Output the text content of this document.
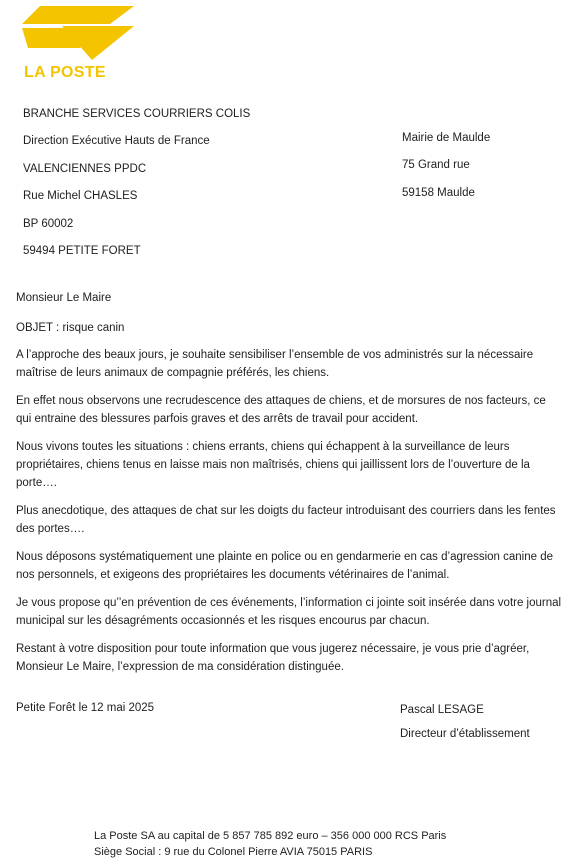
LA POSTE
BRANCHE SERVICES COURRIERS COLIS
Direction Exécutive Hauts de France
VALENCIENNES PPDC
Rue Michel CHASLES
BP 60002
59494 PETITE FORET
Mairie de Maulde
75 Grand rue
59158 Maulde

Monsieur Le Maire

OBJET : risque canin

A l’approche des beaux jours, je souhaite sensibiliser l’ensemble de vos administrés sur la nécessaire maîtrise de leurs animaux de compagnie préférés, les chiens.

En effet nous observons une recrudescence des attaques de chiens, et de morsures de nos facteurs, ce qui entraine des blessures parfois graves et des arrêts de travail pour accident.

Nous vivons toutes les situations : chiens errants, chiens qui échappent à la surveillance de leurs propriétaires, chiens tenus en laisse mais non maîtrisés, chiens qui jaillissent lors de l’ouverture de la porte….

Plus anecdotique, des attaques de chat sur les doigts du facteur introduisant des courriers dans les fentes des portes….

Nous déposons systématiquement une plainte en police ou en gendarmerie en cas d’agression canine de nos personnels, et exigeons des propriétaires les documents vétérinaires de l’animal.

Je vous propose qu’’en prévention de ces événements, l’information ci jointe soit insérée dans votre journal municipal sur les désagréments occasionnés et les risques encourus par chacun.

Restant à votre disposition pour toute information que vous jugerez nécessaire, je vous prie d’agréer, Monsieur Le Maire, l’expression de ma considération distinguée.

Petite Forêt le 12 mai 2025	Pascal LESAGE
Directeur d’établissement
La Poste SA au capital de 5 857 785 892 euro – 356 000 000 RCS Paris
Siège Social : 9 rue du Colonel Pierre AVIA 75015 PARIS
